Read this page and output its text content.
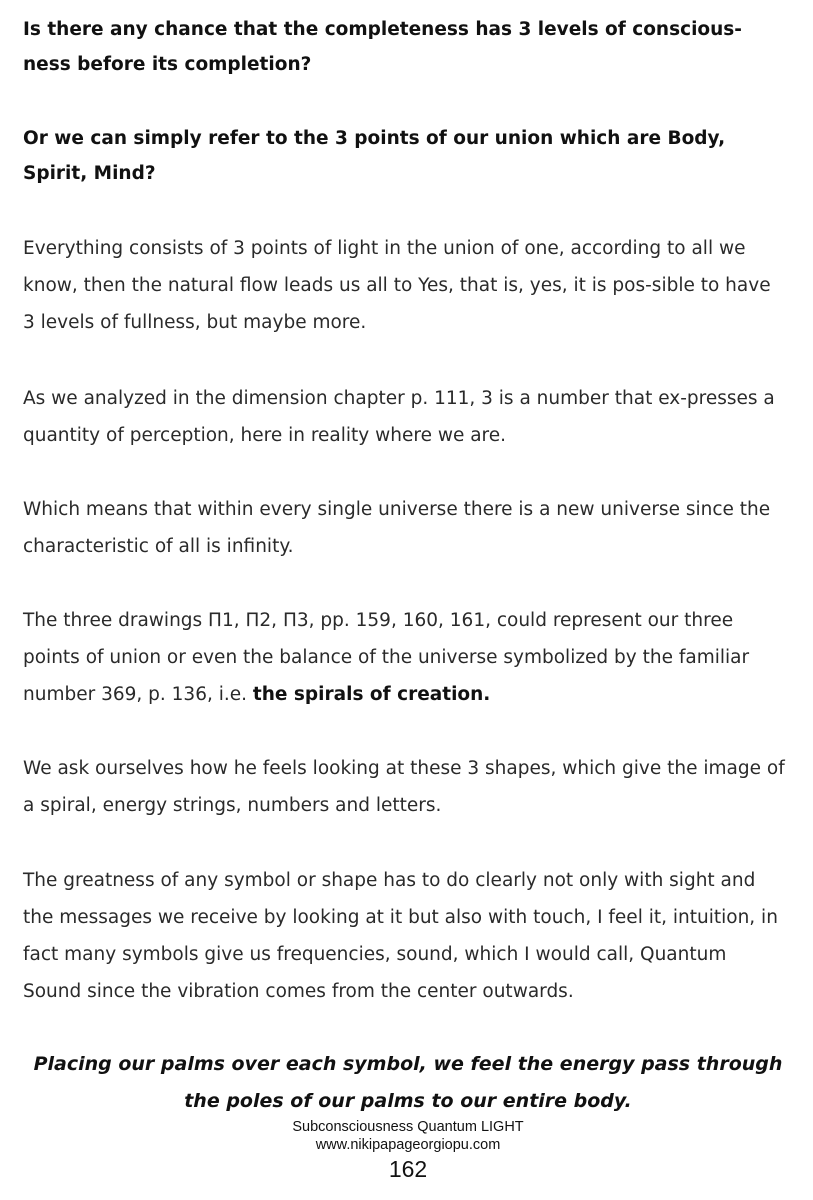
Is there any chance that the completeness has 3 levels of conscious-ness before its completion?

Or we can simply refer to the 3 points of our union which are Body, Spirit, Mind?

Everything consists of 3 points of light in the union of one, according to all we know, then the natural flow leads us all to Yes, that is, yes, it is pos-sible to have 3 levels of fullness, but maybe more.

As we analyzed in the dimension chapter p. 111, 3 is a number that ex-presses a quantity of perception, here in reality where we are.

Which means that within every single universe there is a new universe since the characteristic of all is infinity.

The three drawings Π1, Π2, Π3, pp. 159, 160, 161, could represent our three points of union or even the balance of the universe symbolized by the familiar number 369, p. 136, i.e. the spirals of creation.

We ask ourselves how he feels looking at these 3 shapes, which give the image of a spiral, energy strings, numbers and letters.

The greatness of any symbol or shape has to do clearly not only with sight and the messages we receive by looking at it but also with touch, I feel it, intuition, in fact many symbols give us frequencies, sound, which I would call, Quantum Sound since the vibration comes from the center outwards.

Placing our palms over each symbol, we feel the energy pass through the poles of our palms to our entire body.

Subconsciousness Quantum LIGHT
www.nikipapageorgiopu.com
162
